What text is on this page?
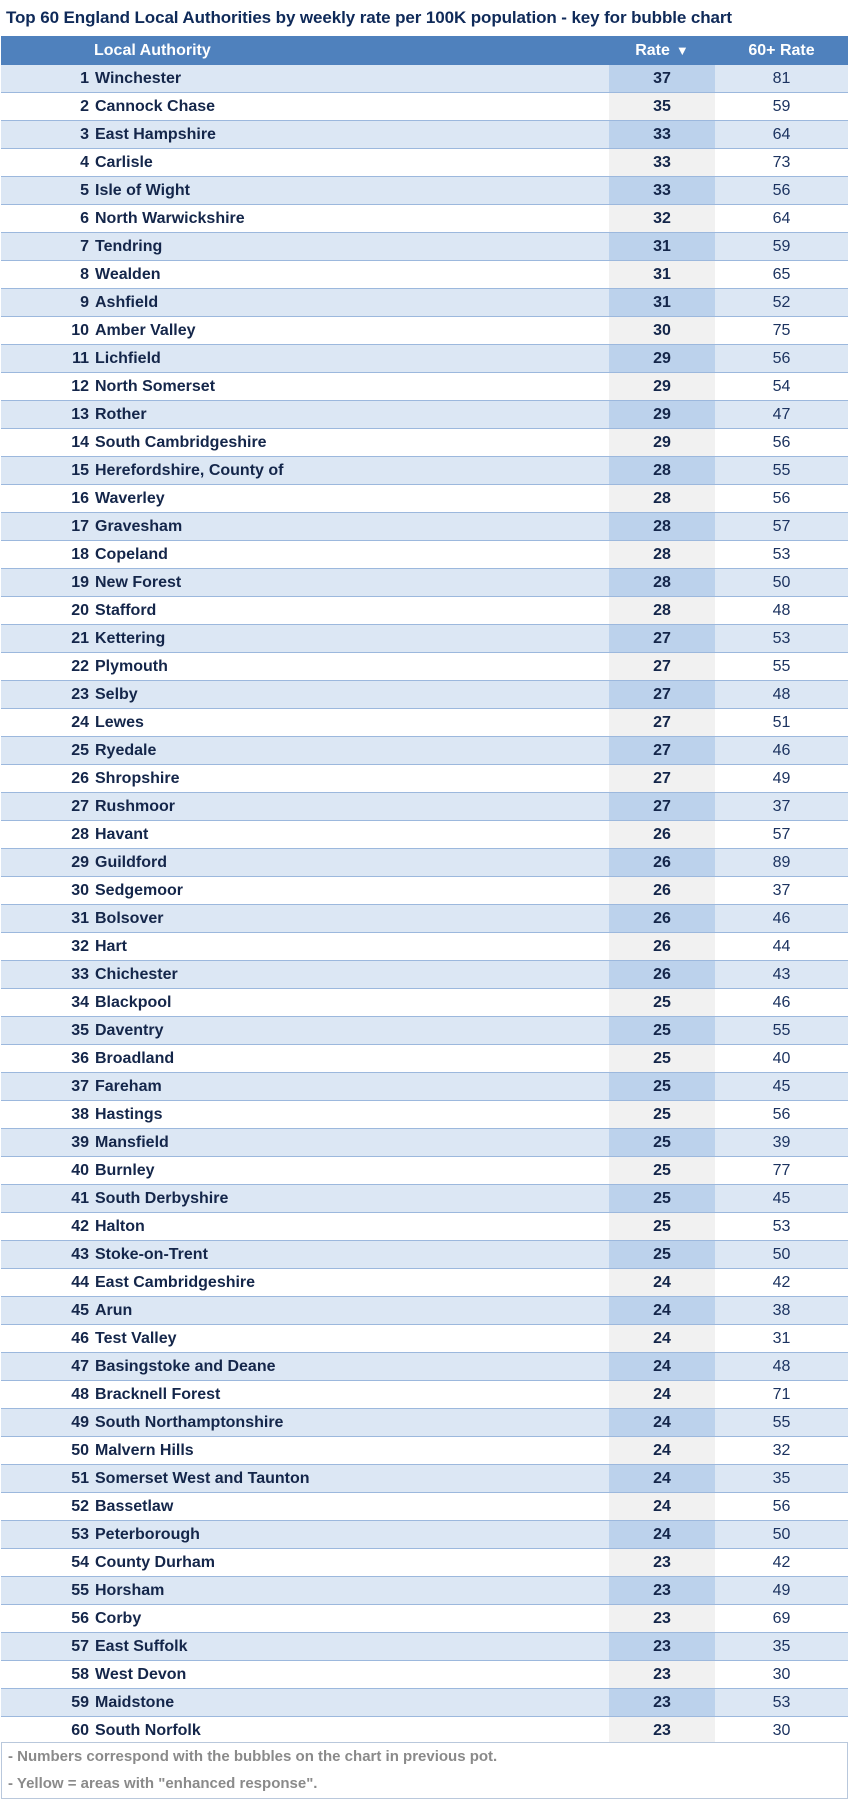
Top 60 England Local Authorities by weekly rate per 100K population - key for bubble chart
Local Authority	Rate ▼	60+ Rate
1 Winchester	37	81
2 Cannock Chase	35	59
3 East Hampshire	33	64
4 Carlisle	33	73
5 Isle of Wight	33	56
6 North Warwickshire	32	64
7 Tendring	31	59
8 Wealden	31	65
9 Ashfield	31	52
10 Amber Valley	30	75
11 Lichfield	29	56
12 North Somerset	29	54
13 Rother	29	47
14 South Cambridgeshire	29	56
15 Herefordshire, County of	28	55
16 Waverley	28	56
17 Gravesham	28	57
18 Copeland	28	53
19 New Forest	28	50
20 Stafford	28	48
21 Kettering	27	53
22 Plymouth	27	55
23 Selby	27	48
24 Lewes	27	51
25 Ryedale	27	46
26 Shropshire	27	49
27 Rushmoor	27	37
28 Havant	26	57
29 Guildford	26	89
30 Sedgemoor	26	37
31 Bolsover	26	46
32 Hart	26	44
33 Chichester	26	43
34 Blackpool	25	46
35 Daventry	25	55
36 Broadland	25	40
37 Fareham	25	45
38 Hastings	25	56
39 Mansfield	25	39
40 Burnley	25	77
41 South Derbyshire	25	45
42 Halton	25	53
43 Stoke-on-Trent	25	50
44 East Cambridgeshire	24	42
45 Arun	24	38
46 Test Valley	24	31
47 Basingstoke and Deane	24	48
48 Bracknell Forest	24	71
49 South Northamptonshire	24	55
50 Malvern Hills	24	32
51 Somerset West and Taunton	24	35
52 Bassetlaw	24	56
53 Peterborough	24	50
54 County Durham	23	42
55 Horsham	23	49
56 Corby	23	69
57 East Suffolk	23	35
58 West Devon	23	30
59 Maidstone	23	53
60 South Norfolk	23	30
- Numbers correspond with the bubbles on the chart in previous pot.
- Yellow = areas with "enhanced response".
